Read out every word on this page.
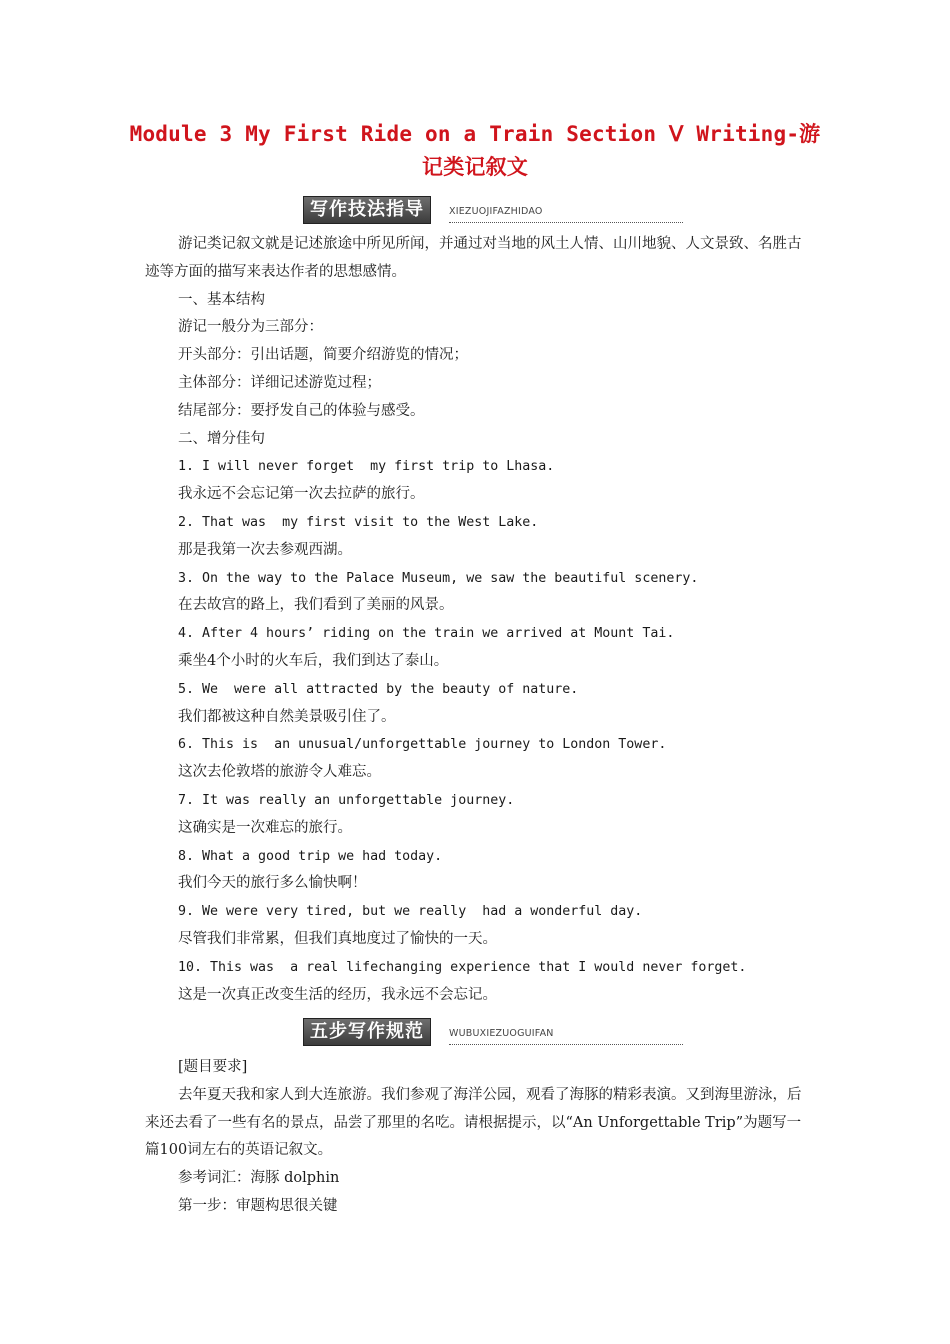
Module 3 My First Ride on a Train Section Ⅴ Writing-游记类记叙文
写作技法指导	XIEZUOJIFAZHIDAO

游记类记叙文就是记述旅途中所见所闻，并通过对当地的风土人情、山川地貌、人文景致、名胜古迹等方面的描写来表达作者的思想感情。

一、基本结构

游记一般分为三部分：

开头部分：引出话题，简要介绍游览的情况；

主体部分：详细记述游览过程；

结尾部分：要抒发自己的体验与感受。

二、增分佳句

1. I will never forget  my first trip to Lhasa.

我永远不会忘记第一次去拉萨的旅行。

2. That was  my first visit to the West Lake.

那是我第一次去参观西湖。

3. On the way to the Palace Museum, we saw the beautiful scenery.

在去故宫的路上，我们看到了美丽的风景。

4. After 4 hours’ riding on the train we arrived at Mount Tai.

乘坐4个小时的火车后，我们到达了泰山。

5. We  were all attracted by the beauty of nature.

我们都被这种自然美景吸引住了。

6. This is  an unusual/unforgettable journey to London Tower.

这次去伦敦塔的旅游令人难忘。

7. It was really an unforgettable journey.

这确实是一次难忘的旅行。

8. What a good trip we had today.

我们今天的旅行多么愉快啊！

9. We were very tired, but we really  had a wonderful day.

尽管我们非常累，但我们真地度过了愉快的一天。

10. This was  a real lifechanging experience that I would never forget.

这是一次真正改变生活的经历，我永远不会忘记。

五步写作规范	WUBUXIEZUOGUIFAN

[题目要求]

去年夏天我和家人到大连旅游。我们参观了海洋公园，观看了海豚的精彩表演。又到海里游泳，后来还去看了一些有名的景点，品尝了那里的名吃。请根据提示，以“An Unforgettable Trip”为题写一篇100词左右的英语记叙文。

参考词汇：海豚 dolphin

第一步：审题构思很关键
